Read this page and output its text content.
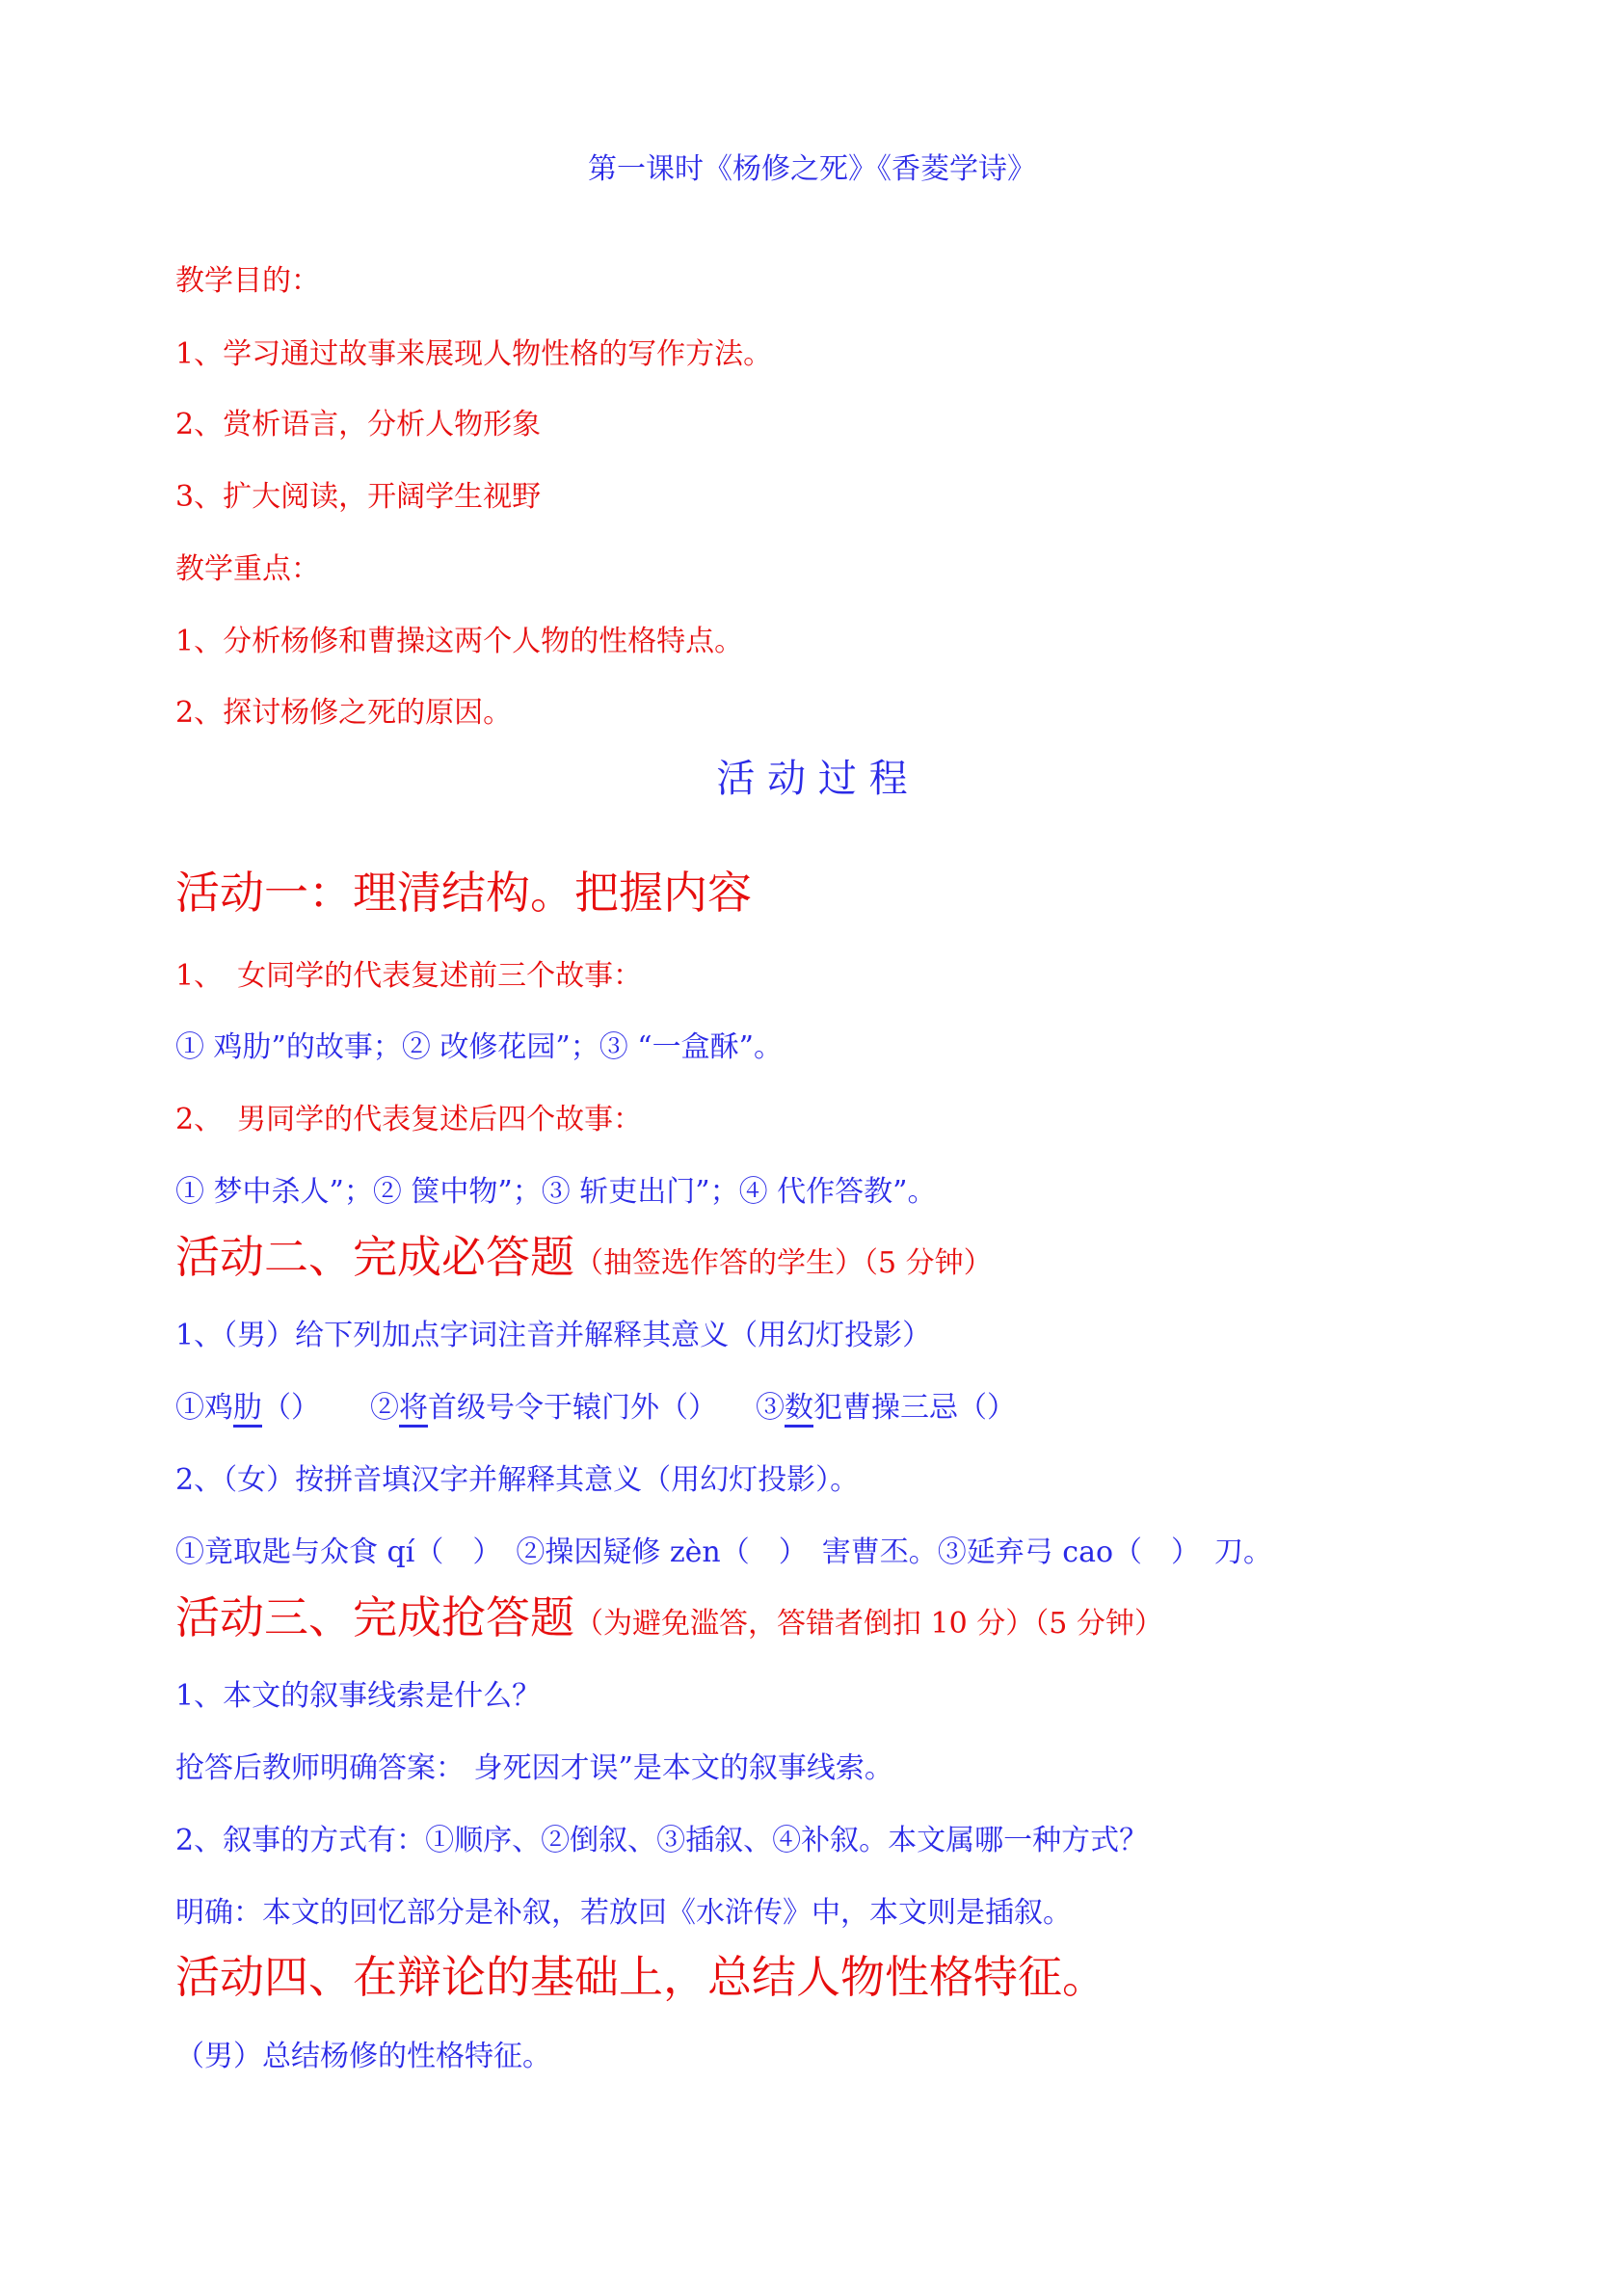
第一课时《杨修之死》《香菱学诗》
教学目的：
1、学习通过故事来展现人物性格的写作方法。
2、赏析语言，分析人物形象
3、扩大阅读，开阔学生视野
教学重点：
1、分析杨修和曹操这两个人物的性格特点。
2、探讨杨修之死的原因。
活 动 过 程
活动一：理清结构。把握内容
1、　女同学的代表复述前三个故事：
① 鸡肋”的故事；② 改修花园”；③ “一盒酥”。
2、　男同学的代表复述后四个故事：
① 梦中杀人”；② 箧中物”；③ 斩吏出门”；④ 代作答教”。
活动二、完成必答题（抽签选作答的学生）（5 分钟）
1、（男）给下列加点字词注音并解释其意义（用幻灯投影）
①鸡肋（） ②将首级号令于辕门外（） ③数犯曹操三忌（）
2、（女）按拼音填汉字并解释其意义（用幻灯投影）。
①竟取匙与众食 qí（　）　②操因疑修 zèn（　）　害曹丕。③延弃弓 cao（　）　刀。
活动三、完成抢答题（为避免滥答，答错者倒扣 10 分）（5 分钟）
1、本文的叙事线索是什么？
抢答后教师明确答案： 身死因才误”是本文的叙事线索。
2、叙事的方式有：①顺序、②倒叙、③插叙、④补叙。本文属哪一种方式？
明确：本文的回忆部分是补叙，若放回《水浒传》中，本文则是插叙。
活动四、在辩论的基础上，总结人物性格特征。
（男）总结杨修的性格特征。
